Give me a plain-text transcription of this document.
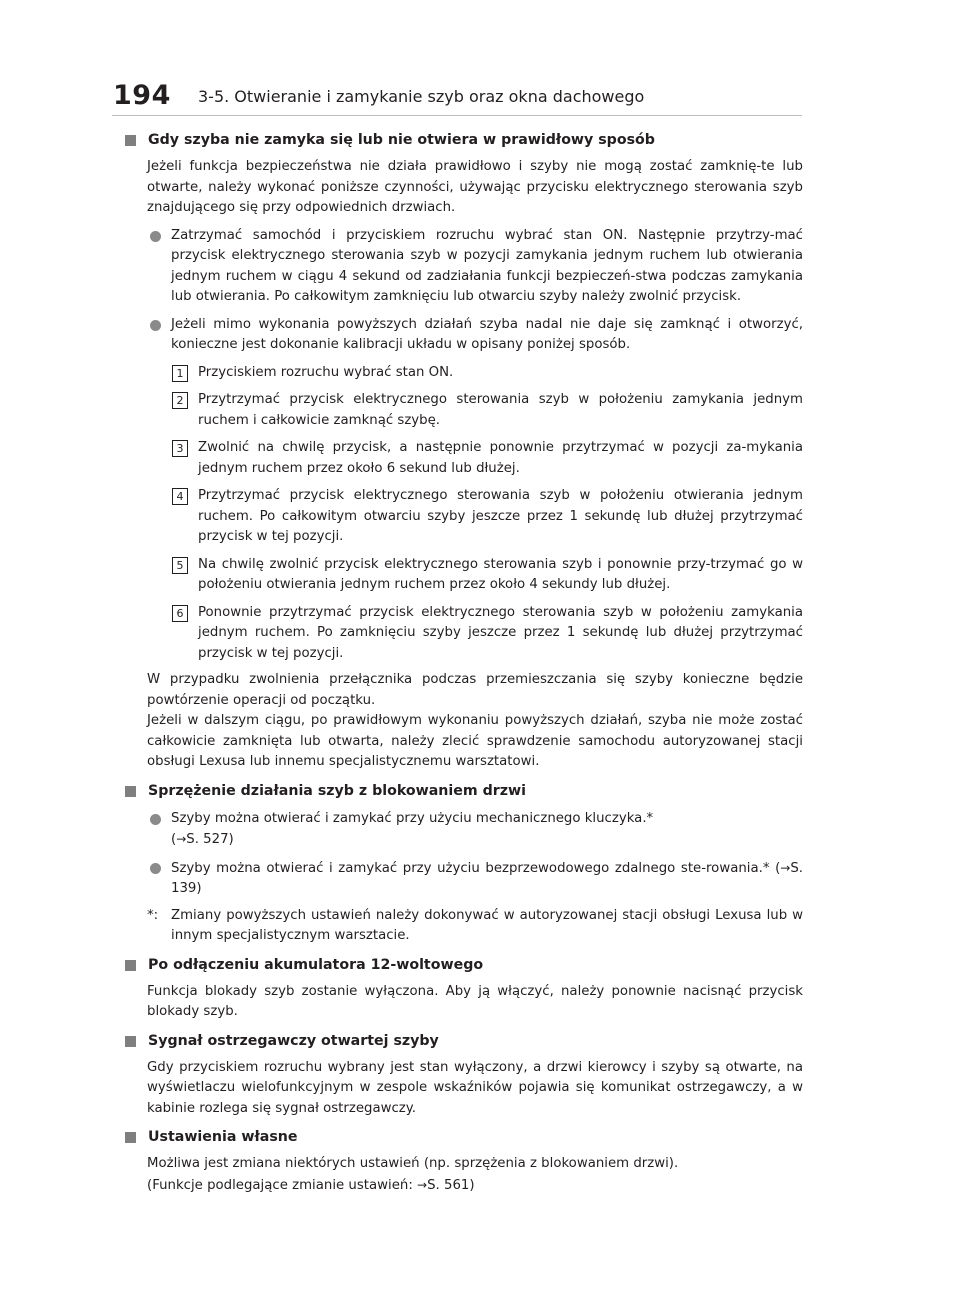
194 3-5. Otwieranie i zamykanie szyb oraz okna dachowego
Gdy szyba nie zamyka się lub nie otwiera w prawidłowy sposób

Jeżeli funkcja bezpieczeństwa nie działa prawidłowo i szyby nie mogą zostać zamknię-te lub otwarte, należy wykonać poniższe czynności, używając przycisku elektrycznego sterowania szyb znajdującego się przy odpowiednich drzwiach.

Zatrzymać samochód i przyciskiem rozruchu wybrać stan ON. Następnie przytrzy-mać przycisk elektrycznego sterowania szyb w pozycji zamykania jednym ruchem lub otwierania jednym ruchem w ciągu 4 sekund od zadziałania funkcji bezpieczeń-stwa podczas zamykania lub otwierania. Po całkowitym zamknięciu lub otwarciu szyby należy zwolnić przycisk.
Jeżeli mimo wykonania powyższych działań szyba nadal nie daje się zamknąć i otworzyć, konieczne jest dokonanie kalibracji układu w opisany poniżej sposób.
1	Przyciskiem rozruchu wybrać stan ON.
2	Przytrzymać przycisk elektrycznego sterowania szyb w położeniu zamykania jednym ruchem i całkowicie zamknąć szybę.
3	Zwolnić na chwilę przycisk, a następnie ponownie przytrzymać w pozycji za-mykania jednym ruchem przez około 6 sekund lub dłużej.
4	Przytrzymać przycisk elektrycznego sterowania szyb w położeniu otwierania jednym ruchem. Po całkowitym otwarciu szyby jeszcze przez 1 sekundę lub dłużej przytrzymać przycisk w tej pozycji.
5	Na chwilę zwolnić przycisk elektrycznego sterowania szyb i ponownie przy-trzymać go w położeniu otwierania jednym ruchem przez około 4 sekundy lub dłużej.
6	Ponownie przytrzymać przycisk elektrycznego sterowania szyb w położeniu zamykania jednym ruchem. Po zamknięciu szyby jeszcze przez 1 sekundę lub dłużej przytrzymać przycisk w tej pozycji.

W przypadku zwolnienia przełącznika podczas przemieszczania się szyby konieczne będzie powtórzenie operacji od początku.

Jeżeli w dalszym ciągu, po prawidłowym wykonaniu powyższych działań, szyba nie może zostać całkowicie zamknięta lub otwarta, należy zlecić sprawdzenie samochodu autoryzowanej stacji obsługi Lexusa lub innemu specjalistycznemu warsztatowi.

Sprzężenie działania szyb z blokowaniem drzwi
Szyby można otwierać i zamykać przy użyciu mechanicznego kluczyka.*
(→S. 527)
Szyby można otwierać i zamykać przy użyciu bezprzewodowego zdalnego ste-rowania.* (→S. 139)
*: Zmiany powyższych ustawień należy dokonywać w autoryzowanej stacji obsługi Lexusa lub w innym specjalistycznym warsztacie.
Po odłączeniu akumulatora 12-woltowego

Funkcja blokady szyb zostanie wyłączona. Aby ją włączyć, należy ponownie nacisnąć przycisk blokady szyb.

Sygnał ostrzegawczy otwartej szyby

Gdy przyciskiem rozruchu wybrany jest stan wyłączony, a drzwi kierowcy i szyby są otwarte, na wyświetlaczu wielofunkcyjnym w zespole wskaźników pojawia się komunikat ostrzegawczy, a w kabinie rozlega się sygnał ostrzegawczy.

Ustawienia własne

Możliwa jest zmiana niektórych ustawień (np. sprzężenia z blokowaniem drzwi).

(Funkcje podlegające zmianie ustawień: →S. 561)
